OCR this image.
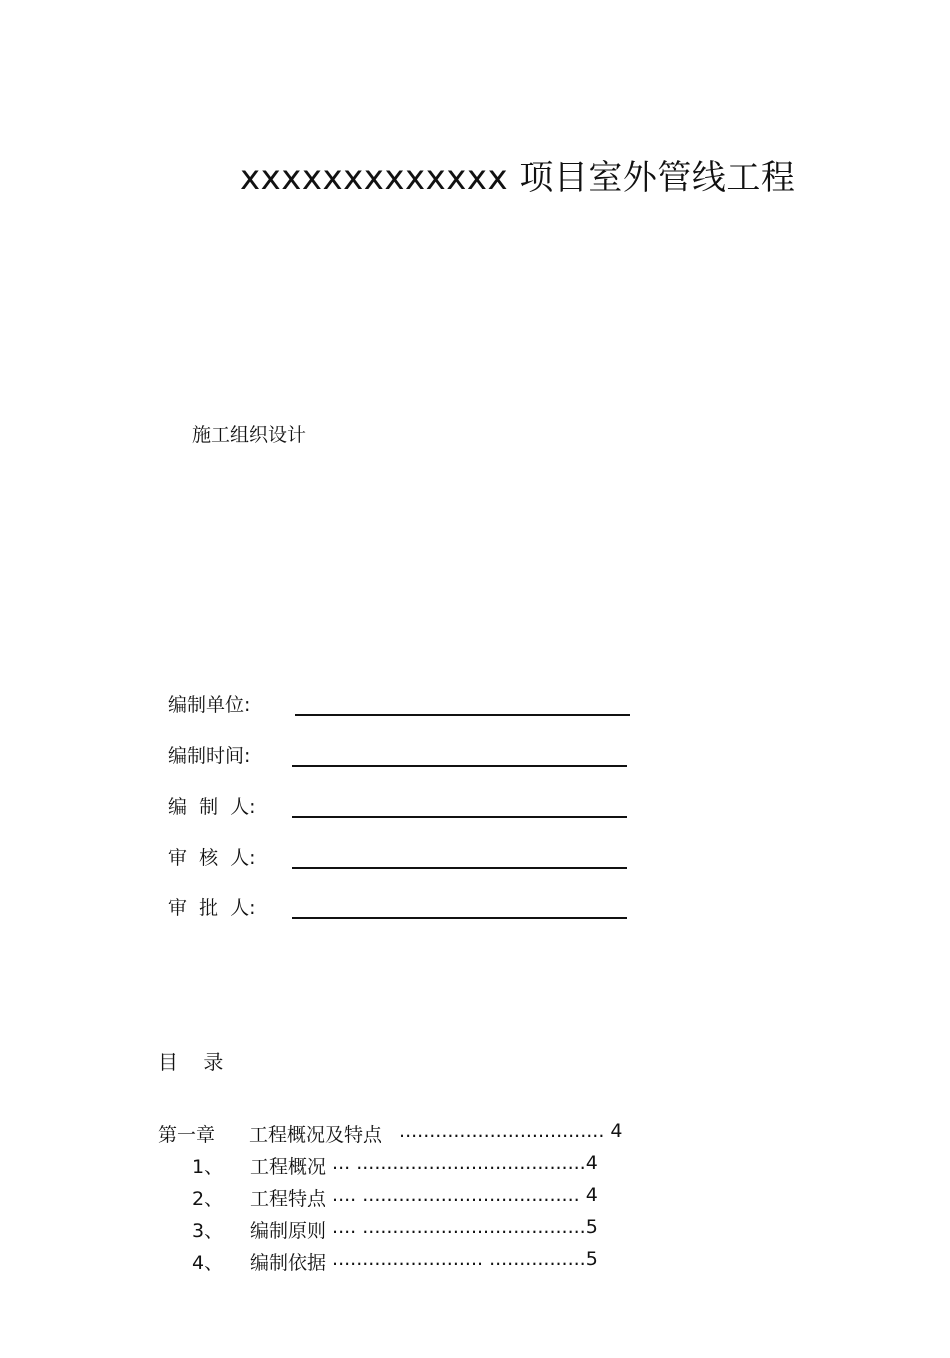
xxxxxxxxxxxxx 项目室外管线工程
施工组织设计
编制单位:
编制时间:
编  制  人:
审  核  人:
审  批  人:
目    录

第一章

工程概况及特点

.................................. 4

1、

工程概况

... ......................................4

2、

工程特点

.... .................................... 4

3、

编制原则

.... .....................................5

4、

编制依据

......................... ................5
